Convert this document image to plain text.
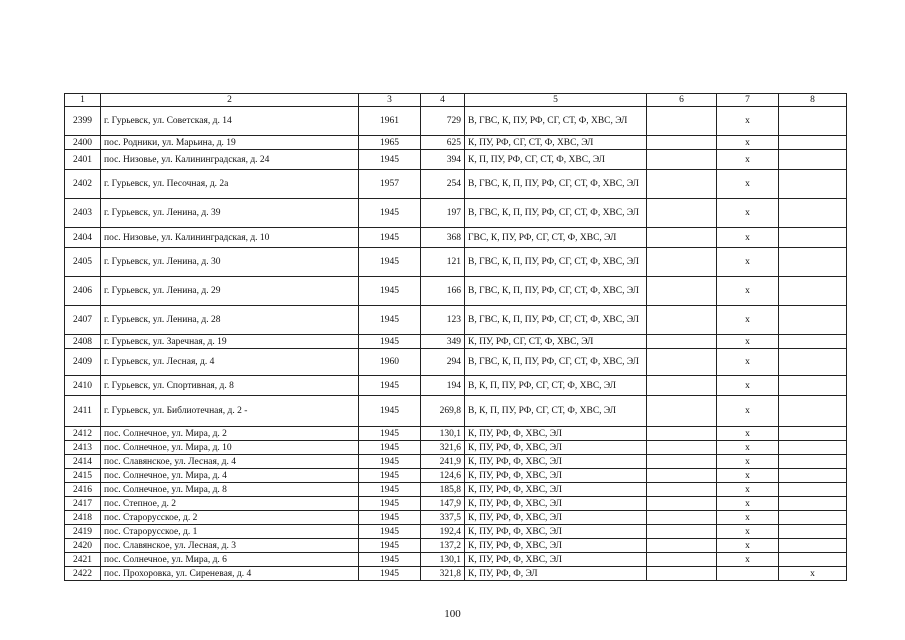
1	2	3	4	5	6	7	8
2399	г. Гурьевск, ул. Советская, д. 14	1961	729	В, ГВС, К, ПУ, РФ, СГ, СТ, Ф, ХВС, ЭЛ		х	
2400	пос. Родники, ул. Марьина, д. 19	1965	625	К, ПУ, РФ, СГ, СТ, Ф, ХВС, ЭЛ		х	
2401	пос. Низовье, ул. Калининградская, д. 24	1945	394	К, П, ПУ, РФ, СГ, СТ, Ф, ХВС, ЭЛ		х	
2402	г. Гурьевск, ул. Песочная, д. 2а	1957	254	В, ГВС, К, П, ПУ, РФ, СГ, СТ, Ф, ХВС, ЭЛ		х	
2403	г. Гурьевск, ул. Ленина, д. 39	1945	197	В, ГВС, К, П, ПУ, РФ, СГ, СТ, Ф, ХВС, ЭЛ		х	
2404	пос. Низовье, ул. Калининградская, д. 10	1945	368	ГВС, К, ПУ, РФ, СГ, СТ, Ф, ХВС, ЭЛ		х	
2405	г. Гурьевск, ул. Ленина, д. 30	1945	121	В, ГВС, К, П, ПУ, РФ, СГ, СТ, Ф, ХВС, ЭЛ		х	
2406	г. Гурьевск, ул. Ленина, д. 29	1945	166	В, ГВС, К, П, ПУ, РФ, СГ, СТ, Ф, ХВС, ЭЛ		х	
2407	г. Гурьевск, ул. Ленина, д. 28	1945	123	В, ГВС, К, П, ПУ, РФ, СГ, СТ, Ф, ХВС, ЭЛ		х	
2408	г. Гурьевск, ул. Заречная, д. 19	1945	349	К, ПУ, РФ, СГ, СТ, Ф, ХВС, ЭЛ		х	
2409	г. Гурьевск, ул. Лесная, д. 4	1960	294	В, ГВС, К, П, ПУ, РФ, СГ, СТ, Ф, ХВС, ЭЛ		х	
2410	г. Гурьевск, ул. Спортивная, д. 8	1945	194	В, К, П, ПУ, РФ, СГ, СТ, Ф, ХВС, ЭЛ		х	
2411	г. Гурьевск, ул. Библиотечная, д. 2 -	1945	269,8	В, К, П, ПУ, РФ, СГ, СТ, Ф, ХВС, ЭЛ		х	
2412	пос. Солнечное, ул. Мира, д. 2	1945	130,1	К, ПУ, РФ, Ф, ХВС, ЭЛ		х	
2413	пос. Солнечное, ул. Мира, д. 10	1945	321,6	К, ПУ, РФ, Ф, ХВС, ЭЛ		х	
2414	пос. Славянское, ул. Лесная, д. 4	1945	241,9	К, ПУ, РФ, Ф, ХВС, ЭЛ		х	
2415	пос. Солнечное, ул. Мира, д. 4	1945	124,6	К, ПУ, РФ, Ф, ХВС, ЭЛ		х	
2416	пос. Солнечное, ул. Мира, д. 8	1945	185,8	К, ПУ, РФ, Ф, ХВС, ЭЛ		х	
2417	пос. Степное, д. 2	1945	147,9	К, ПУ, РФ, Ф, ХВС, ЭЛ		х	
2418	пос. Старорусское, д. 2	1945	337,5	К, ПУ, РФ, Ф, ХВС, ЭЛ		х	
2419	пос. Старорусское, д. 1	1945	192,4	К, ПУ, РФ, Ф, ХВС, ЭЛ		х	
2420	пос. Славянское, ул. Лесная, д. 3	1945	137,2	К, ПУ, РФ, Ф, ХВС, ЭЛ		х	
2421	пос. Солнечное, ул. Мира, д. 6	1945	130,1	К, ПУ, РФ, Ф, ХВС, ЭЛ		х	
2422	пос. Прохоровка, ул. Сиреневая, д. 4	1945	321,8	К, ПУ, РФ, Ф, ЭЛ			х
100
